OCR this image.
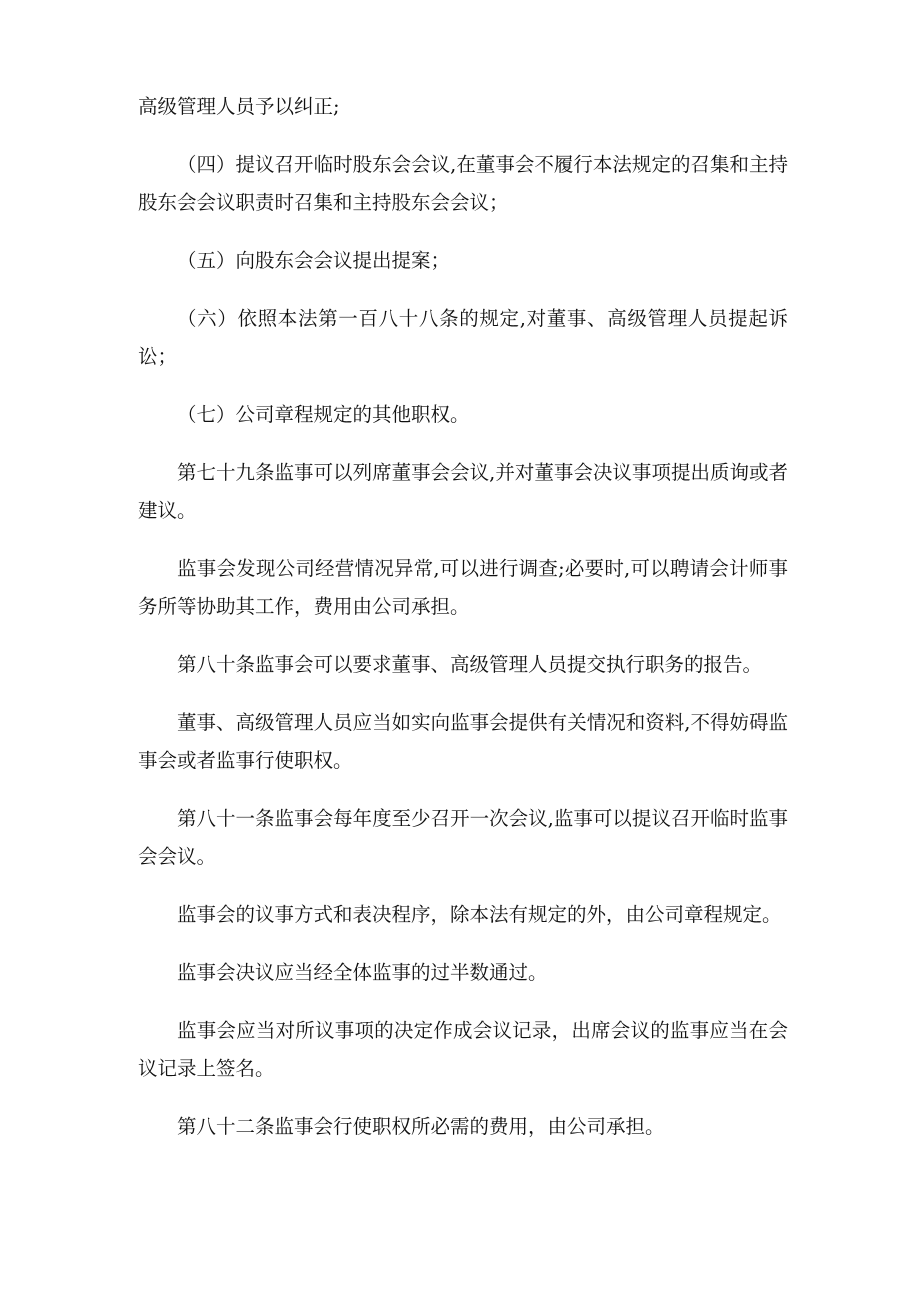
高级管理人员予以纠正;

（四）提议召开临时股东会会议,在董事会不履行本法规定的召集和主持股东会会议职责时召集和主持股东会会议；

（五）向股东会会议提出提案；

（六）依照本法第一百八十八条的规定,对董事、高级管理人员提起诉讼；

（七）公司章程规定的其他职权。

第七十九条监事可以列席董事会会议,并对董事会决议事项提出质询或者建议。

监事会发现公司经营情况异常,可以进行调查;必要时,可以聘请会计师事务所等协助其工作，费用由公司承担。

第八十条监事会可以要求董事、高级管理人员提交执行职务的报告。

董事、高级管理人员应当如实向监事会提供有关情况和资料,不得妨碍监事会或者监事行使职权。

第八十一条监事会每年度至少召开一次会议,监事可以提议召开临时监事会会议。

监事会的议事方式和表决程序，除本法有规定的外，由公司章程规定。

监事会决议应当经全体监事的过半数通过。

监事会应当对所议事项的决定作成会议记录，出席会议的监事应当在会议记录上签名。

第八十二条监事会行使职权所必需的费用，由公司承担。
